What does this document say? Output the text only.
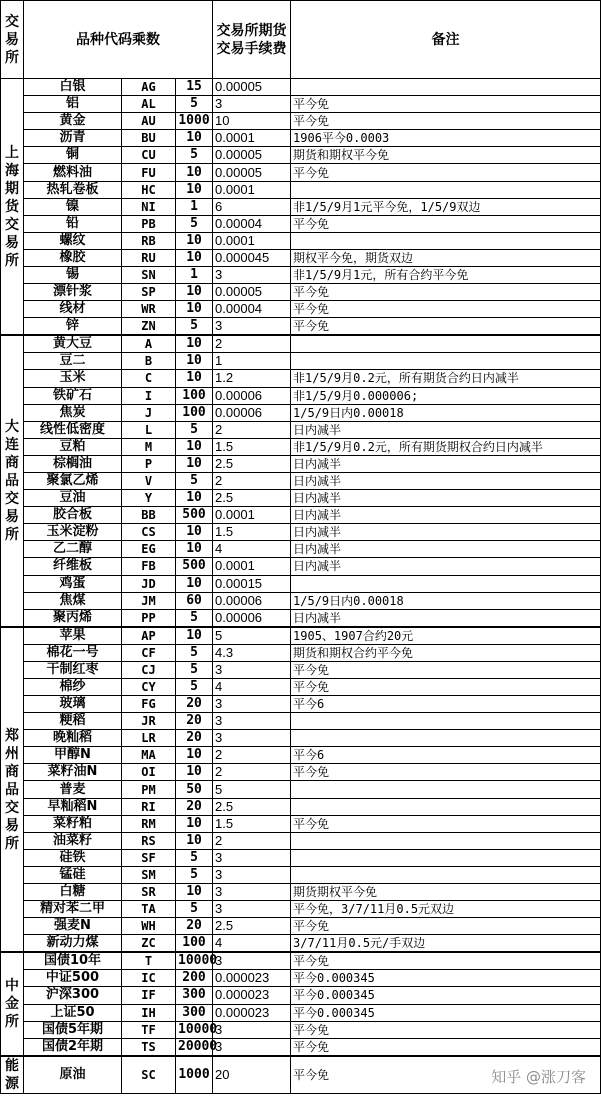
交易所	品种代码乘数			交易所期货交易手续费	备注
上海期货交易所	白银	AG	15	0.00005	
	铝	AL	5	3	平今免
	黄金	AU	1000	10	平今免
	沥青	BU	10	0.0001	1906平今0.0003
	铜	CU	5	0.00005	期货和期权平今免
	燃料油	FU	10	0.00005	平今免
	热轧卷板	HC	10	0.0001	
	镍	NI	1	6	非1/5/9月1元平今免，1/5/9双边
	铅	PB	5	0.00004	平今免
	螺纹	RB	10	0.0001	
	橡胶	RU	10	0.000045	期权平今免，期货双边
	锡	SN	1	3	非1/5/9月1元，所有合约平今免
	漂针浆	SP	10	0.00005	平今免
	线材	WR	10	0.00004	平今免
	锌	ZN	5	3	平今免
大连商品交易所	黄大豆	A	10	2	
	豆二	B	10	1	
	玉米	C	10	1.2	非1/5/9月0.2元，所有期货合约日内减半
	铁矿石	I	100	0.00006	非1/5/9月0.000006;
	焦炭	J	100	0.00006	1/5/9日内0.00018
	线性低密度	L	5	2	日内减半
	豆粕	M	10	1.5	非1/5/9月0.2元，所有期货期权合约日内减半
	棕榈油	P	10	2.5	日内减半
	聚氯乙烯	V	5	2	日内减半
	豆油	Y	10	2.5	日内减半
	胶合板	BB	500	0.0001	日内减半
	玉米淀粉	CS	10	1.5	日内减半
	乙二醇	EG	10	4	日内减半
	纤维板	FB	500	0.0001	日内减半
	鸡蛋	JD	10	0.00015	
	焦煤	JM	60	0.00006	1/5/9日内0.00018
	聚丙烯	PP	5	0.00006	日内减半
郑州商品交易所	苹果	AP	10	5	1905、1907合约20元
	棉花一号	CF	5	4.3	期货和期权合约平今免
	干制红枣	CJ	5	3	平今免
	棉纱	CY	5	4	平今免
	玻璃	FG	20	3	平今6
	粳稻	JR	20	3	
	晚籼稻	LR	20	3	
	甲醇N	MA	10	2	平今6
	菜籽油N	OI	10	2	平今免
	普麦	PM	50	5	
	早籼稻N	RI	20	2.5	
	菜籽粕	RM	10	1.5	平今免
	油菜籽	RS	10	2	
	硅铁	SF	5	3	
	锰硅	SM	5	3	
	白糖	SR	10	3	期货期权平今免
	精对苯二甲	TA	5	3	平今免，3/7/11月0.5元双边
	强麦N	WH	20	2.5	平今免
	新动力煤	ZC	100	4	3/7/11月0.5元/手双边
中金所	国债10年	T	10000	3	平今免
	中证500	IC	200	0.000023	平今0.000345
	沪深300	IF	300	0.000023	平今0.000345
	上证50	IH	300	0.000023	平今0.000345
	国债5年期	TF	10000	3	平今免
	国债2年期	TS	20000	3	平今免
能源	原油	SC	1000	20	平今免	知乎 @涨刀客
